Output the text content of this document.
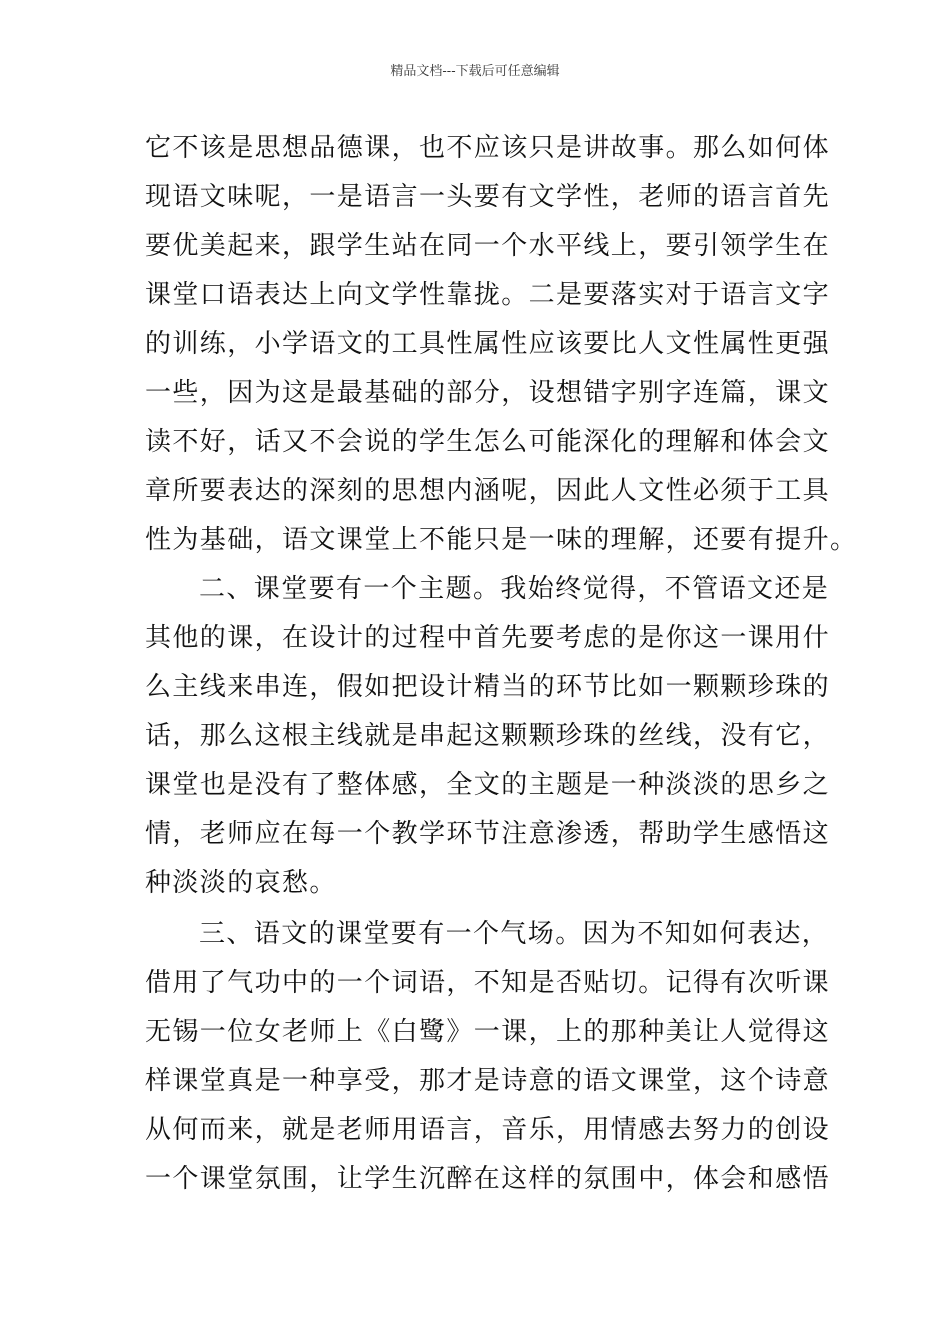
精品文档---下载后可任意编辑
它不该是思想品德课，也不应该只是讲故事。那么如何体
现语文味呢，一是语言一头要有文学性，老师的语言首先
要优美起来，跟学生站在同一个水平线上，要引领学生在
课堂口语表达上向文学性靠拢。二是要落实对于语言文字
的训练，小学语文的工具性属性应该要比人文性属性更强
一些，因为这是最基础的部分，设想错字别字连篇，课文
读不好，话又不会说的学生怎么可能深化的理解和体会文
章所要表达的深刻的思想内涵呢，因此人文性必须于工具
性为基础，语文课堂上不能只是一味的理解，还要有提升。
二、课堂要有一个主题。我始终觉得，不管语文还是
其他的课，在设计的过程中首先要考虑的是你这一课用什
么主线来串连，假如把设计精当的环节比如一颗颗珍珠的
话，那么这根主线就是串起这颗颗珍珠的丝线，没有它，
课堂也是没有了整体感，全文的主题是一种淡淡的思乡之
情，老师应在每一个教学环节注意渗透，帮助学生感悟这
种淡淡的哀愁。
三、语文的课堂要有一个气场。因为不知如何表达，
借用了气功中的一个词语，不知是否贴切。记得有次听课
无锡一位女老师上《白鹭》一课，上的那种美让人觉得这
样课堂真是一种享受，那才是诗意的语文课堂，这个诗意
从何而来，就是老师用语言，音乐，用情感去努力的创设
一个课堂氛围，让学生沉醉在这样的氛围中，体会和感悟
